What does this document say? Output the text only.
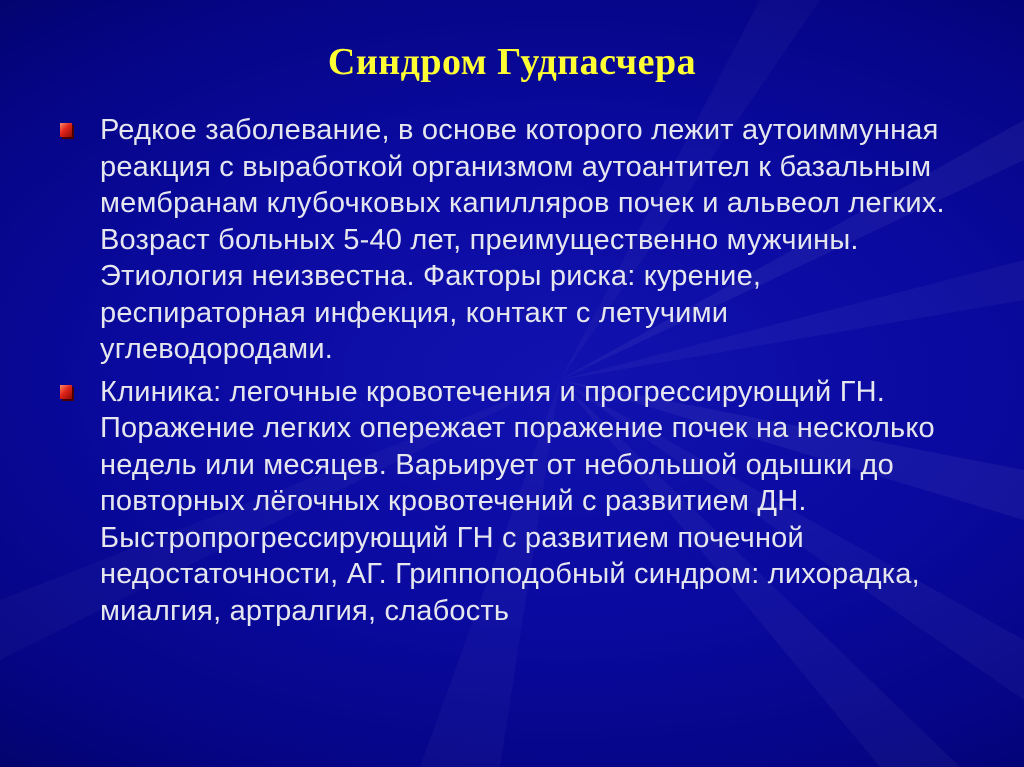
Синдром Гудпасчера
Редкое заболевание, в основе которого лежит аутоиммунная реакция с выработкой организмом аутоантител к базальным мембранам клубочковых капилляров почек и альвеол легких. Возраст больных 5-40 лет, преимущественно мужчины. Этиология неизвестна. Факторы риска: курение, респираторная инфекция, контакт с летучими углеводородами.
Клиника: легочные кровотечения и прогрессирующий ГН. Поражение легких опережает поражение почек на несколько недель или месяцев. Варьирует от небольшой одышки до повторных лёгочных кровотечений с развитием ДН. Быстропрогрессирующий ГН с развитием почечной недостаточности, АГ. Гриппоподобный синдром: лихорадка, миалгия, артралгия, слабость
